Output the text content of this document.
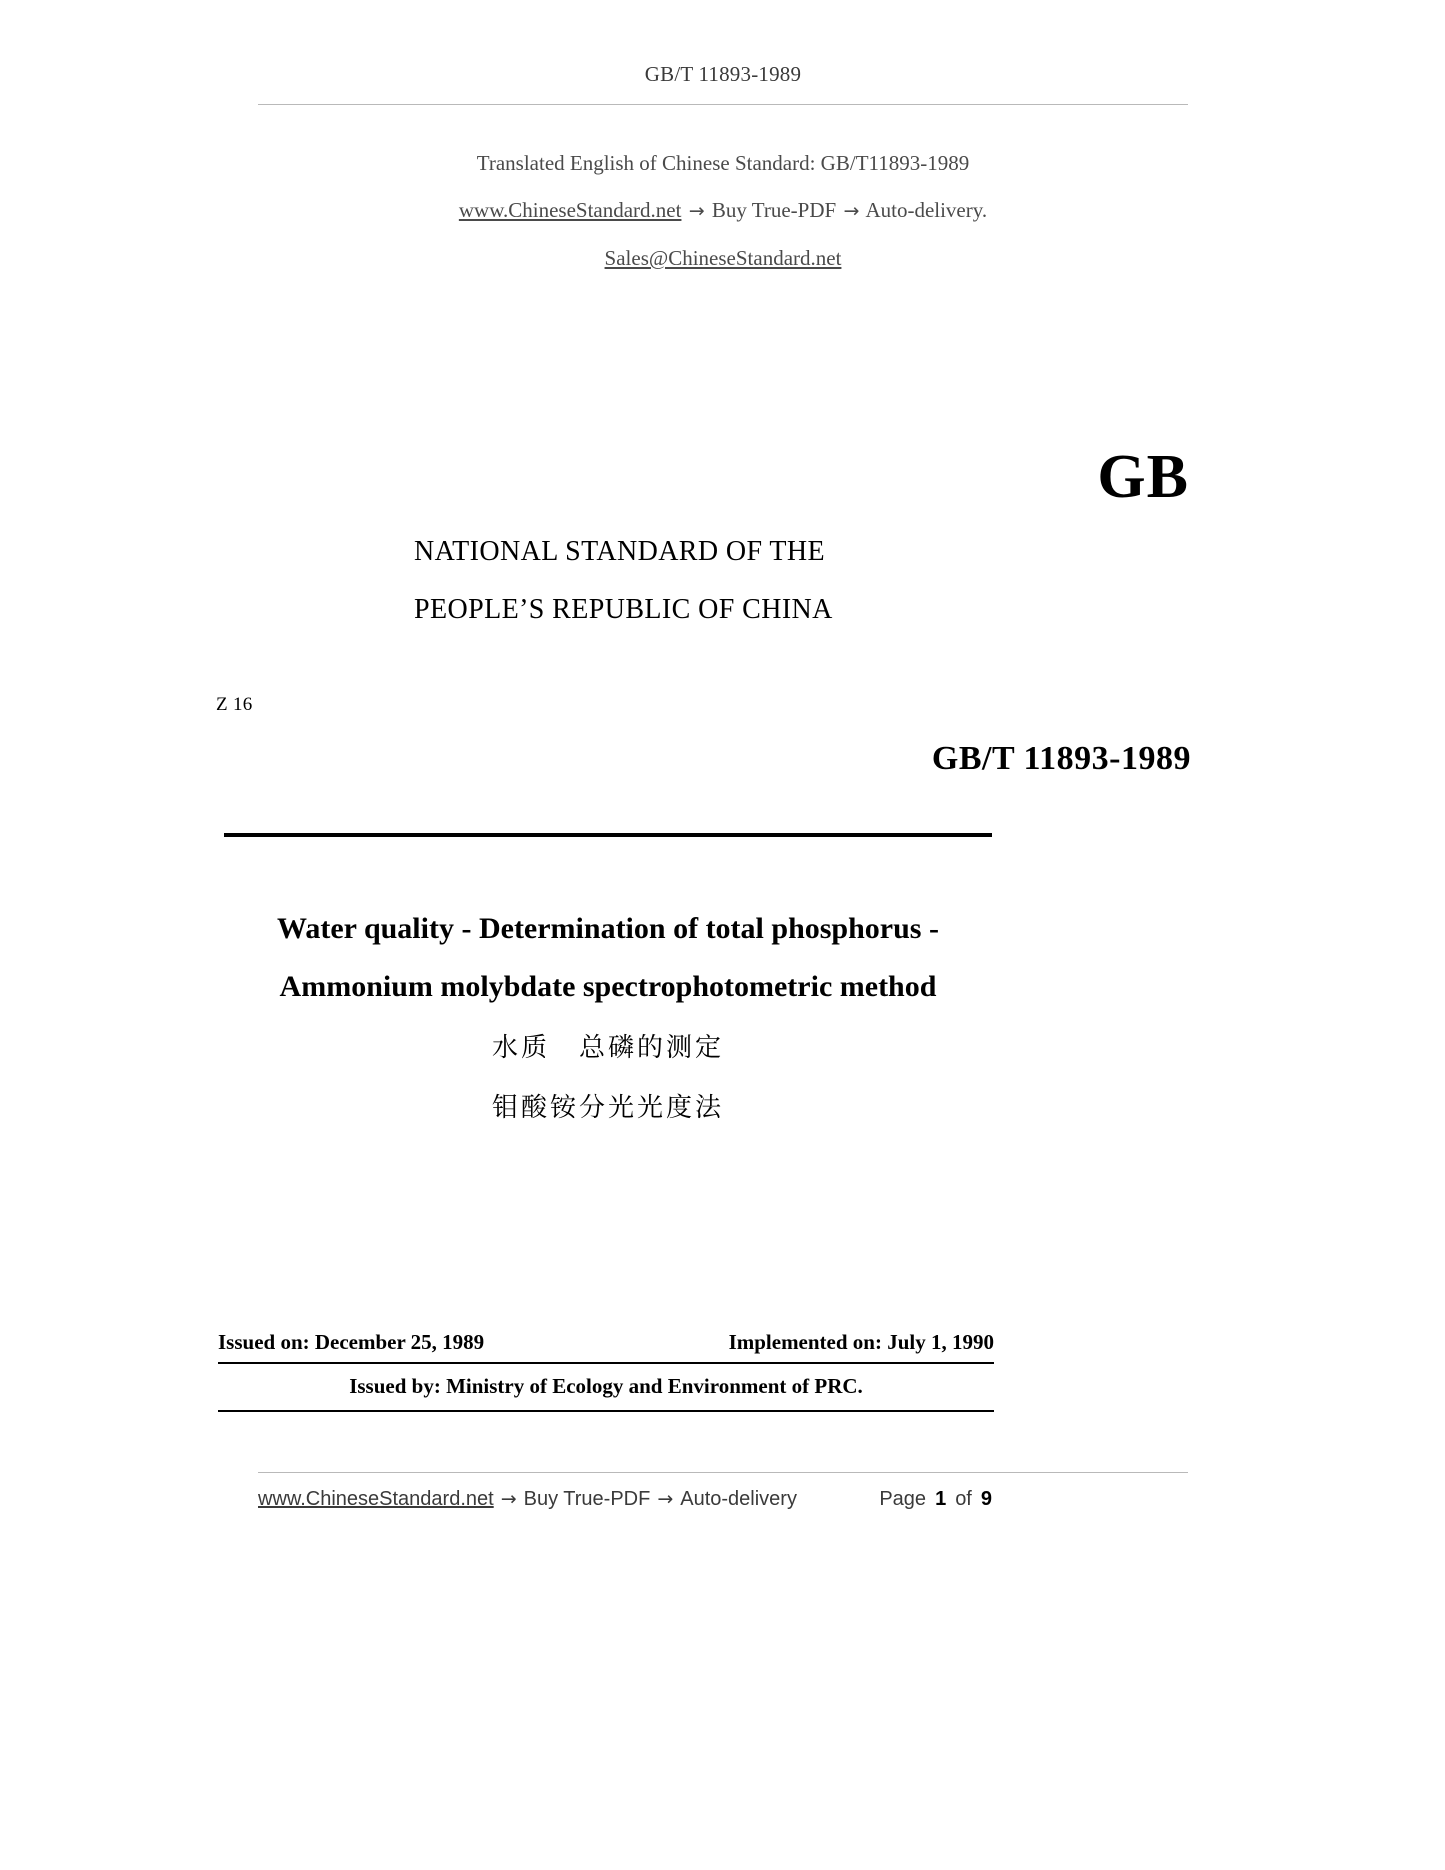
GB/T 11893-1989
Translated English of Chinese Standard: GB/T11893-1989
www.ChineseStandard.net → Buy True-PDF → Auto-delivery.
Sales@ChineseStandard.net
GB
NATIONAL STANDARD OF THE
PEOPLE’S REPUBLIC OF CHINA
Z 16
GB/T 11893-1989
Water quality - Determination of total phosphorus -
Ammonium molybdate spectrophotometric method
水质　总磷的测定
钼酸铵分光光度法
Issued on: December 25, 1989	Implemented on: July 1, 1990
Issued by: Ministry of Ecology and Environment of PRC.
www.ChineseStandard.net → Buy True-PDF → Auto-delivery	Page 1 of 9
